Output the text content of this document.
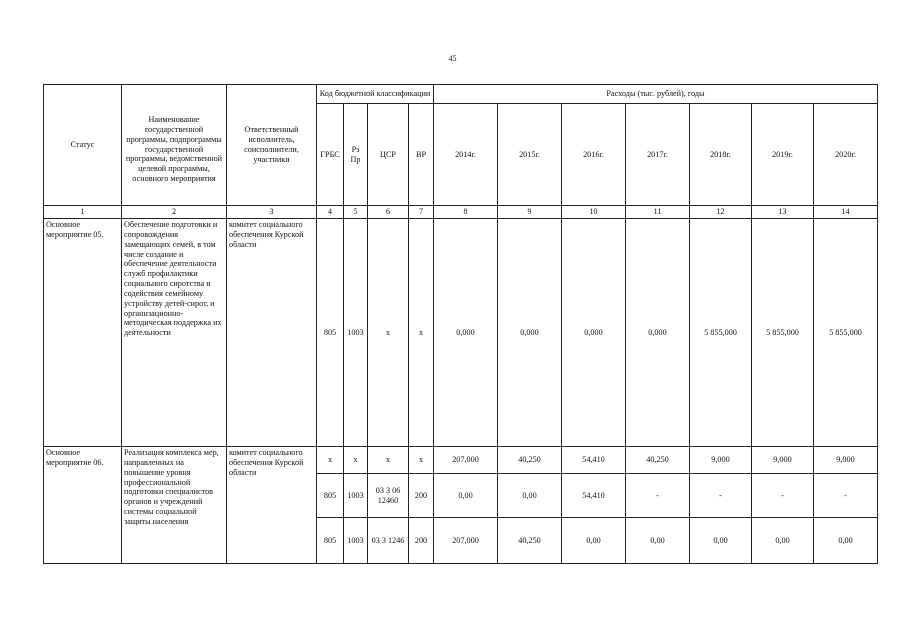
45
Статус	Наименование государственной программы, подпрограммы государственной программы, ведомственной целевой программы, основного мероприятия	Ответственный исполнитель, соисполнители, участники	Код бюджетной классификации				Расходы (тыс. рублей), годы						
			ГРБС	Рз Пр	ЦСР	ВР	2014г.	2015г.	2016г.	2017г.	2018г.	2019г.	2020г.
1	2	3	4	5	6	7	8	9	10	11	12	13	14
Основное мероприятие 05.	Обеспечение подготовки и сопровождения замещающих семей, в том числе создание и обеспечение деятельности служб профилактики социального сиротства и содействия семейному устройству детей-сирот, и организационно-методическая поддержка их деятельности	комитет социального обеспечения Курской области	805	1003	х	х	0,000	0,000	0,000	0,000	5 855,000	5 855,000	5 855,000
Основное мероприятие 06.	Реализация комплекса мер, направленных на повышение уровня профессиональной подготовки специалистов органов и учреждений системы социальной защиты населения	комитет социального обеспечения Курской области	х	х	х	х	207,000	40,250	54,410	40,250	9,000	9,000	9,000
			805	1003	03 3 06 12460	200	0,00	0,00	54,410	-	-	-	-
			805	1003	03 3 1246	200	207,000	40,250	0,00	0,00	0,00	0,00	0,00
